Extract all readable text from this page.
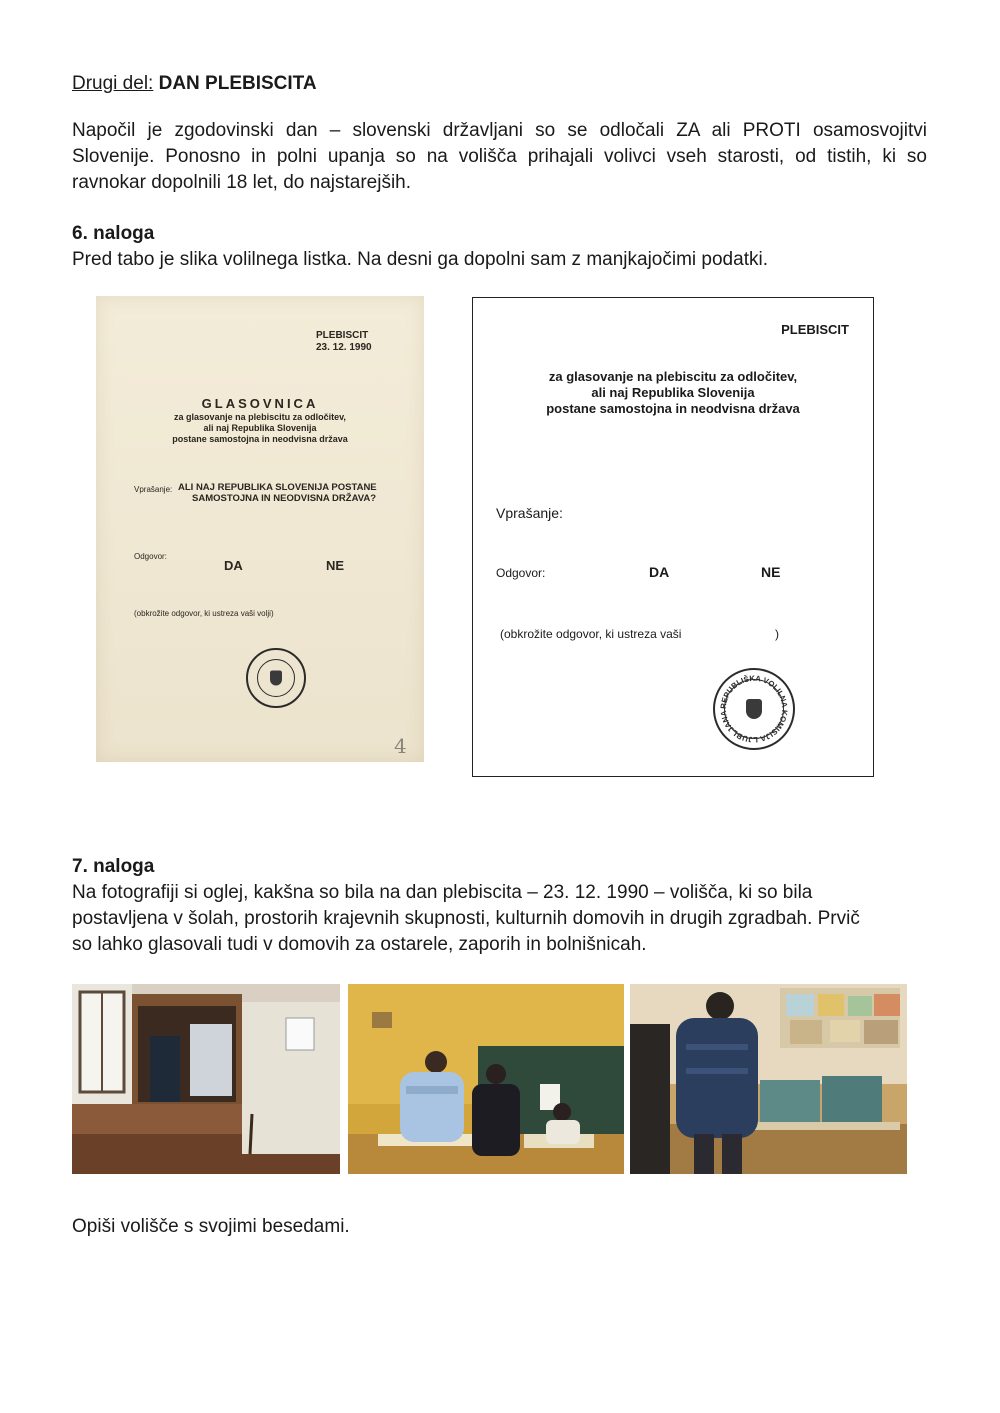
Drugi del: DAN PLEBISCITA
Napočil je zgodovinski dan – slovenski državljani so se odločali ZA ali PROTI osamosvojitvi
Slovenije. Ponosno in polni upanja so na volišča prihajali volivci vseh starosti, od tistih, ki so
ravnokar dopolnili 18 let, do najstarejših.
6. naloga
Pred tabo je slika volilnega listka. Na desni ga dopolni sam z manjkajočimi podatki.
PLEBISCIT
23. 12. 1990
GLASOVNICA
za glasovanje na plebiscitu za odločitev,
ali naj Republika Slovenija
postane samostojna in neodvisna država
Vprašanje: ALI NAJ REPUBLIKA SLOVENIJA POSTANE
SAMOSTOJNA IN NEODVISNA DRŽAVA?
Odgovor:
DA	NE
(obkrožite odgovor, ki ustreza vaši volji)
4
PLEBISCIT
za glasovanje na plebiscitu za odločitev,
ali naj Republika Slovenija
postane samostojna in neodvisna država
Vprašanje:
Odgovor:	DA	NE
(obkrožite odgovor, ki ustreza vaši	)
REPUBLIŠKA VOLILNA KOMISIJA LJUBLJANA
7. naloga
Na fotografiji si oglej, kakšna so bila na dan plebiscita – 23. 12. 1990 – volišča, ki so bila
postavljena v šolah, prostorih krajevnih skupnosti, kulturnih domovih in drugih zgradbah. Prvič
so lahko glasovali tudi v domovih za ostarele, zaporih in bolnišnicah.
Opiši volišče s svojimi besedami.
